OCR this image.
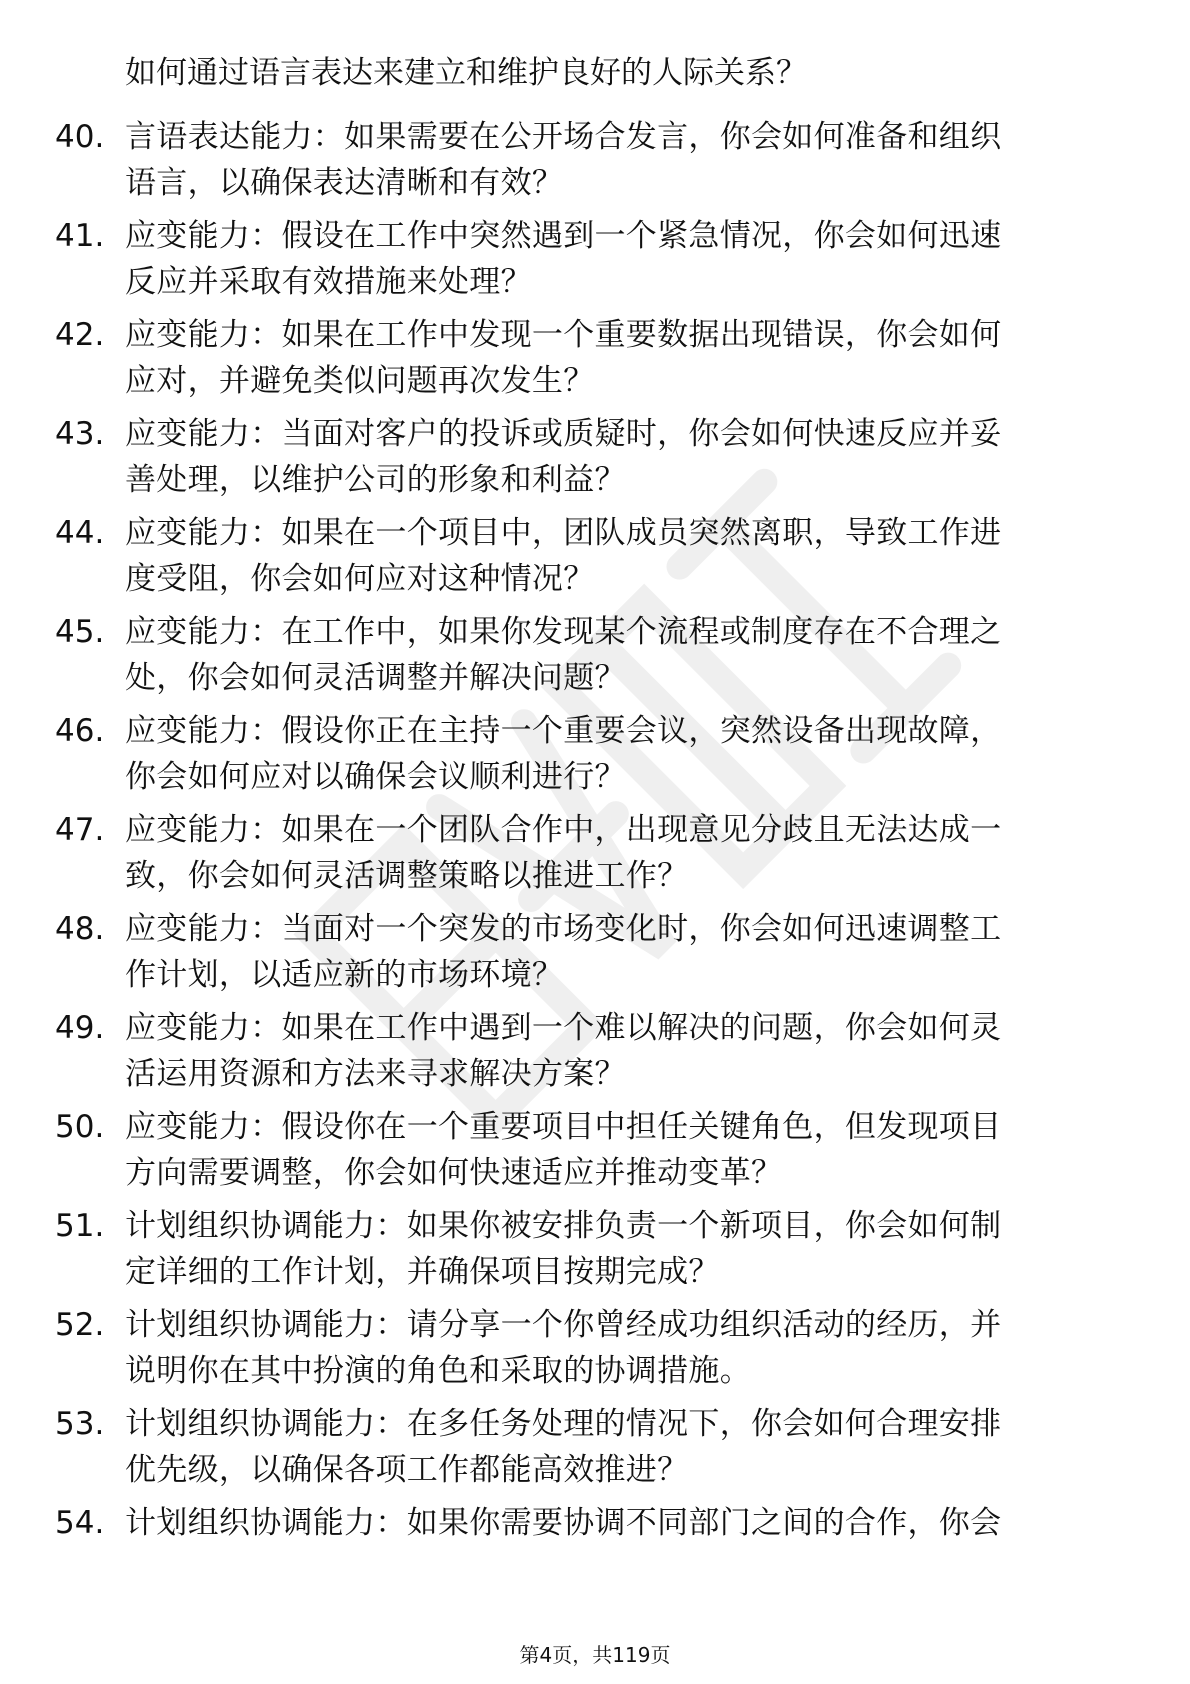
如何通过语言表达来建立和维护良好的人际关系？
40. 言语表达能力：如果需要在公开场合发言，你会如何准备和组织
语言，以确保表达清晰和有效？
41. 应变能力：假设在工作中突然遇到一个紧急情况，你会如何迅速
反应并采取有效措施来处理？
42. 应变能力：如果在工作中发现一个重要数据出现错误，你会如何
应对，并避免类似问题再次发生？
43. 应变能力：当面对客户的投诉或质疑时，你会如何快速反应并妥
善处理，以维护公司的形象和利益？
44. 应变能力：如果在一个项目中，团队成员突然离职，导致工作进
度受阻，你会如何应对这种情况？
45. 应变能力：在工作中，如果你发现某个流程或制度存在不合理之
处，你会如何灵活调整并解决问题？
46. 应变能力：假设你正在主持一个重要会议，突然设备出现故障，
你会如何应对以确保会议顺利进行？
47. 应变能力：如果在一个团队合作中，出现意见分歧且无法达成一
致，你会如何灵活调整策略以推进工作？
48. 应变能力：当面对一个突发的市场变化时，你会如何迅速调整工
作计划，以适应新的市场环境？
49. 应变能力：如果在工作中遇到一个难以解决的问题，你会如何灵
活运用资源和方法来寻求解决方案？
50. 应变能力：假设你在一个重要项目中担任关键角色，但发现项目
方向需要调整，你会如何快速适应并推动变革？
51. 计划组织协调能力：如果你被安排负责一个新项目，你会如何制
定详细的工作计划，并确保项目按期完成？
52. 计划组织协调能力：请分享一个你曾经成功组织活动的经历，并
说明你在其中扮演的角色和采取的协调措施。
53. 计划组织协调能力：在多任务处理的情况下，你会如何合理安排
优先级，以确保各项工作都能高效推进？
54. 计划组织协调能力：如果你需要协调不同部门之间的合作，你会
第4页，共119页
